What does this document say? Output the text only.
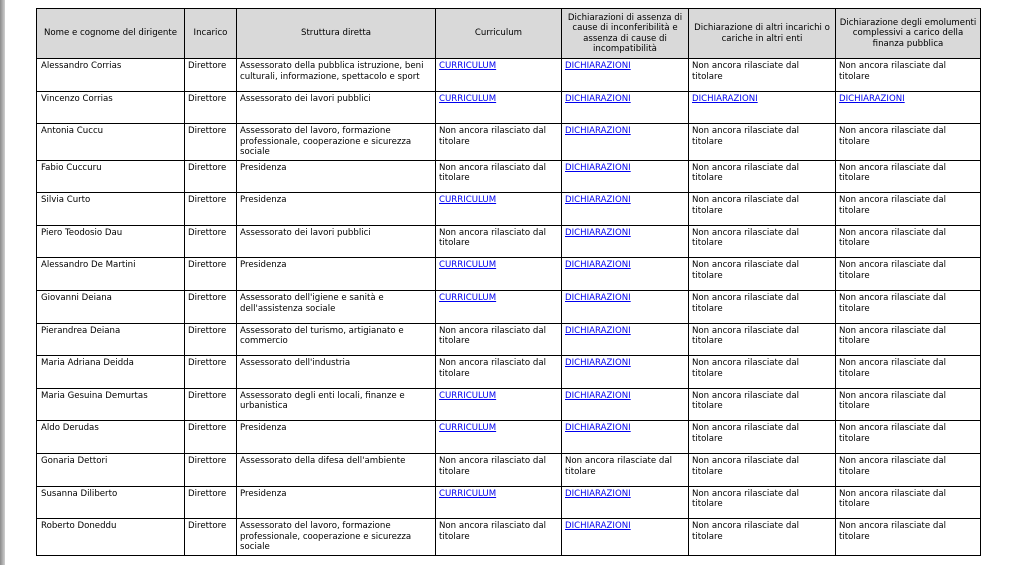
Nome e cognome del dirigente	Incarico	Struttura diretta	Curriculum	Dichiarazioni di assenza di cause di inconferibilità e assenza di cause di incompatibilità	Dichiarazione di altri incarichi o cariche in altri enti	Dichiarazione degli emolumenti complessivi a carico della finanza pubblica
Alessandro Corrias	Direttore	Assessorato della pubblica istruzione, beni culturali, informazione, spettacolo e sport	CURRICULUM	DICHIARAZIONI	Non ancora rilasciate dal titolare	Non ancora rilasciate dal titolare
Vincenzo Corrias	Direttore	Assessorato dei lavori pubblici	CURRICULUM	DICHIARAZIONI	DICHIARAZIONI	DICHIARAZIONI
Antonia Cuccu	Direttore	Assessorato del lavoro, formazione professionale, cooperazione e sicurezza sociale	Non ancora rilasciato dal titolare	DICHIARAZIONI	Non ancora rilasciate dal titolare	Non ancora rilasciate dal titolare
Fabio Cuccuru	Direttore	Presidenza	Non ancora rilasciato dal titolare	DICHIARAZIONI	Non ancora rilasciate dal titolare	Non ancora rilasciate dal titolare
Silvia Curto	Direttore	Presidenza	CURRICULUM	DICHIARAZIONI	Non ancora rilasciate dal titolare	Non ancora rilasciate dal titolare
Piero Teodosio Dau	Direttore	Assessorato dei lavori pubblici	Non ancora rilasciato dal titolare	DICHIARAZIONI	Non ancora rilasciate dal titolare	Non ancora rilasciate dal titolare
Alessandro De Martini	Direttore	Presidenza	CURRICULUM	DICHIARAZIONI	Non ancora rilasciate dal titolare	Non ancora rilasciate dal titolare
Giovanni Deiana	Direttore	Assessorato dell'igiene e sanità e dell'assistenza sociale	CURRICULUM	DICHIARAZIONI	Non ancora rilasciate dal titolare	Non ancora rilasciate dal titolare
Pierandrea Deiana	Direttore	Assessorato del turismo, artigianato e commercio	Non ancora rilasciato dal titolare	DICHIARAZIONI	Non ancora rilasciate dal titolare	Non ancora rilasciate dal titolare
Maria Adriana Deidda	Direttore	Assessorato dell'industria	Non ancora rilasciato dal titolare	DICHIARAZIONI	Non ancora rilasciate dal titolare	Non ancora rilasciate dal titolare
Maria Gesuina Demurtas	Direttore	Assessorato degli enti locali, finanze e urbanistica	CURRICULUM	DICHIARAZIONI	Non ancora rilasciate dal titolare	Non ancora rilasciate dal titolare
Aldo Derudas	Direttore	Presidenza	CURRICULUM	DICHIARAZIONI	Non ancora rilasciate dal titolare	Non ancora rilasciate dal titolare
Gonaria Dettori	Direttore	Assessorato della difesa dell'ambiente	Non ancora rilasciato dal titolare	Non ancora rilasciate dal titolare	Non ancora rilasciate dal titolare	Non ancora rilasciate dal titolare
Susanna Diliberto	Direttore	Presidenza	CURRICULUM	DICHIARAZIONI	Non ancora rilasciate dal titolare	Non ancora rilasciate dal titolare
Roberto Doneddu	Direttore	Assessorato del lavoro, formazione professionale, cooperazione e sicurezza sociale	Non ancora rilasciato dal titolare	DICHIARAZIONI	Non ancora rilasciate dal titolare	Non ancora rilasciate dal titolare
